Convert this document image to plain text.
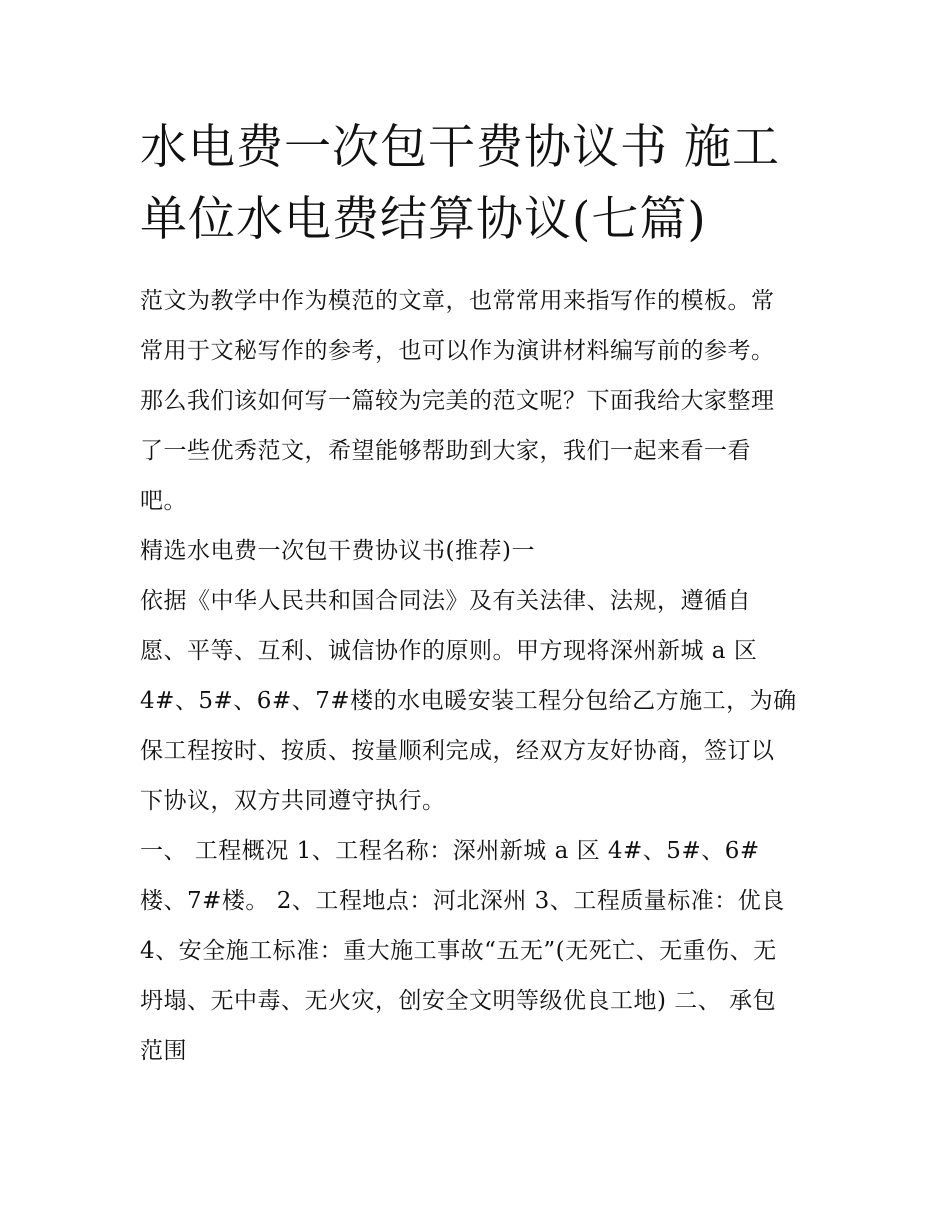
水电费一次包干费协议书 施工
单位水电费结算协议(七篇)

范文为教学中作为模范的文章，也常常用来指写作的模板。常
常用于文秘写作的参考，也可以作为演讲材料编写前的参考。
那么我们该如何写一篇较为完美的范文呢？下面我给大家整理
了一些优秀范文，希望能够帮助到大家，我们一起来看一看
吧。

精选水电费一次包干费协议书(推荐)一

依据《中华人民共和国合同法》及有关法律、法规，遵循自
愿、平等、互利、诚信协作的原则。甲方现将深州新城 a 区
4#、5#、6#、7#楼的水电暖安装工程分包给乙方施工，为确
保工程按时、按质、按量顺利完成，经双方友好协商，签订以
下协议，双方共同遵守执行。

一、 工程概况 1、工程名称：深州新城 a 区 4#、5#、6#
楼、7#楼。 2、工程地点：河北深州 3、工程质量标准：优良
4、安全施工标准：重大施工事故“五无”(无死亡、无重伤、无
坍塌、无中毒、无火灾，创安全文明等级优良工地) 二、 承包
范围
